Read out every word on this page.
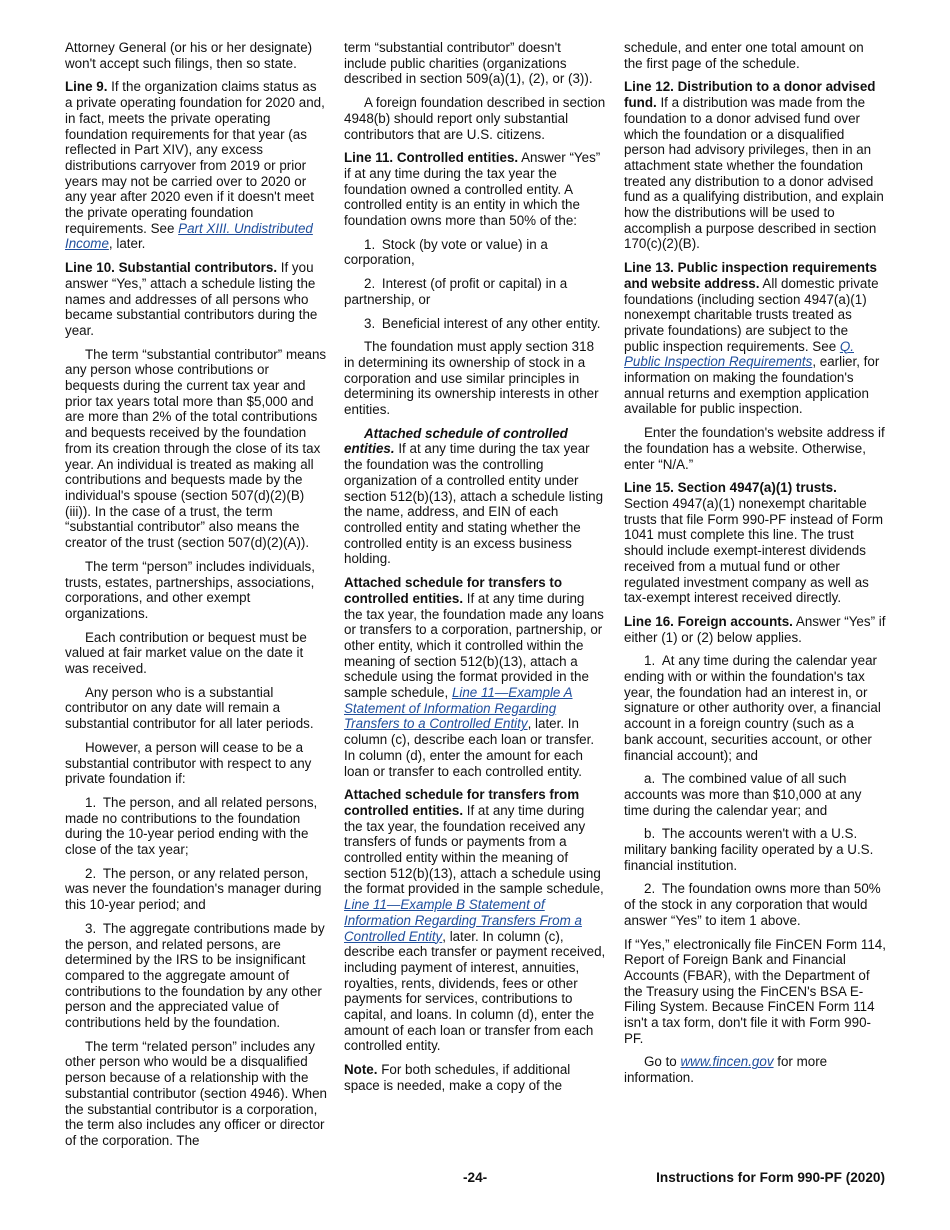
Attorney General (or his or her designate) won't accept such filings, then so state.

Line 9. If the organization claims status as a private operating foundation for 2020 and, in fact, meets the private operating foundation requirements for that year (as reflected in Part XIV), any excess distributions carryover from 2019 or prior years may not be carried over to 2020 or any year after 2020 even if it doesn't meet the private operating foundation requirements. See Part XIII. Undistributed Income, later.

Line 10. Substantial contributors. If you answer “Yes,” attach a schedule listing the names and addresses of all persons who became substantial contributors during the year.

The term “substantial contributor” means any person whose contributions or bequests during the current tax year and prior tax years total more than $5,000 and are more than 2% of the total contributions and bequests received by the foundation from its creation through the close of its tax year. An individual is treated as making all contributions and bequests made by the individual's spouse (section 507(d)(2)(B)(iii)). In the case of a trust, the term “substantial contributor” also means the creator of the trust (section 507(d)(2)(A)).

The term “person” includes individuals, trusts, estates, partnerships, associations, corporations, and other exempt organizations.

Each contribution or bequest must be valued at fair market value on the date it was received.

Any person who is a substantial contributor on any date will remain a substantial contributor for all later periods.

However, a person will cease to be a substantial contributor with respect to any private foundation if:

1. The person, and all related persons, made no contributions to the foundation during the 10-year period ending with the close of the tax year;

2. The person, or any related person, was never the foundation's manager during this 10-year period; and

3. The aggregate contributions made by the person, and related persons, are determined by the IRS to be insignificant compared to the aggregate amount of contributions to the foundation by any other person and the appreciated value of contributions held by the foundation.

The term “related person” includes any other person who would be a disqualified person because of a relationship with the substantial contributor (section 4946). When the substantial contributor is a corporation, the term also includes any officer or director of the corporation. The

term “substantial contributor” doesn't include public charities (organizations described in section 509(a)(1), (2), or (3)).

A foreign foundation described in section 4948(b) should report only substantial contributors that are U.S. citizens.

Line 11. Controlled entities. Answer “Yes” if at any time during the tax year the foundation owned a controlled entity. A controlled entity is an entity in which the foundation owns more than 50% of the:

1. Stock (by vote or value) in a corporation,

2. Interest (of profit or capital) in a partnership, or

3. Beneficial interest of any other entity.

The foundation must apply section 318 in determining its ownership of stock in a corporation and use similar principles in determining its ownership interests in other entities.

Attached schedule of controlled entities. If at any time during the tax year the foundation was the controlling organization of a controlled entity under section 512(b)(13), attach a schedule listing the name, address, and EIN of each controlled entity and stating whether the controlled entity is an excess business holding.

Attached schedule for transfers to controlled entities. If at any time during the tax year, the foundation made any loans or transfers to a corporation, partnership, or other entity, which it controlled within the meaning of section 512(b)(13), attach a schedule using the format provided in the sample schedule, Line 11—Example A Statement of Information Regarding Transfers to a Controlled Entity, later. In column (c), describe each loan or transfer. In column (d), enter the amount for each loan or transfer to each controlled entity.

Attached schedule for transfers from controlled entities. If at any time during the tax year, the foundation received any transfers of funds or payments from a controlled entity within the meaning of section 512(b)(13), attach a schedule using the format provided in the sample schedule, Line 11—Example B Statement of Information Regarding Transfers From a Controlled Entity, later. In column (c), describe each transfer or payment received, including payment of interest, annuities, royalties, rents, dividends, fees or other payments for services, contributions to capital, and loans. In column (d), enter the amount of each loan or transfer from each controlled entity.

Note. For both schedules, if additional space is needed, make a copy of the

schedule, and enter one total amount on the first page of the schedule.

Line 12. Distribution to a donor advised fund. If a distribution was made from the foundation to a donor advised fund over which the foundation or a disqualified person had advisory privileges, then in an attachment state whether the foundation treated any distribution to a donor advised fund as a qualifying distribution, and explain how the distributions will be used to accomplish a purpose described in section 170(c)(2)(B).

Line 13. Public inspection requirements and website address. All domestic private foundations (including section 4947(a)(1) nonexempt charitable trusts treated as private foundations) are subject to the public inspection requirements. See Q. Public Inspection Requirements, earlier, for information on making the foundation's annual returns and exemption application available for public inspection.

Enter the foundation's website address if the foundation has a website. Otherwise, enter “N/A.”

Line 15. Section 4947(a)(1) trusts.
Section 4947(a)(1) nonexempt charitable trusts that file Form 990-PF instead of Form 1041 must complete this line. The trust should include exempt-interest dividends received from a mutual fund or other regulated investment company as well as tax-exempt interest received directly.

Line 16. Foreign accounts. Answer “Yes” if either (1) or (2) below applies.

1. At any time during the calendar year ending with or within the foundation's tax year, the foundation had an interest in, or signature or other authority over, a financial account in a foreign country (such as a bank account, securities account, or other financial account); and

a. The combined value of all such accounts was more than $10,000 at any time during the calendar year; and

b. The accounts weren't with a U.S. military banking facility operated by a U.S. financial institution.

2. The foundation owns more than 50% of the stock in any corporation that would answer “Yes” to item 1 above.

If “Yes,” electronically file FinCEN Form 114, Report of Foreign Bank and Financial Accounts (FBAR), with the Department of the Treasury using the FinCEN's BSA E-Filing System. Because FinCEN Form 114 isn't a tax form, don't file it with Form 990-PF.

Go to www.fincen.gov for more information.

-24-	Instructions for Form 990-PF (2020)
